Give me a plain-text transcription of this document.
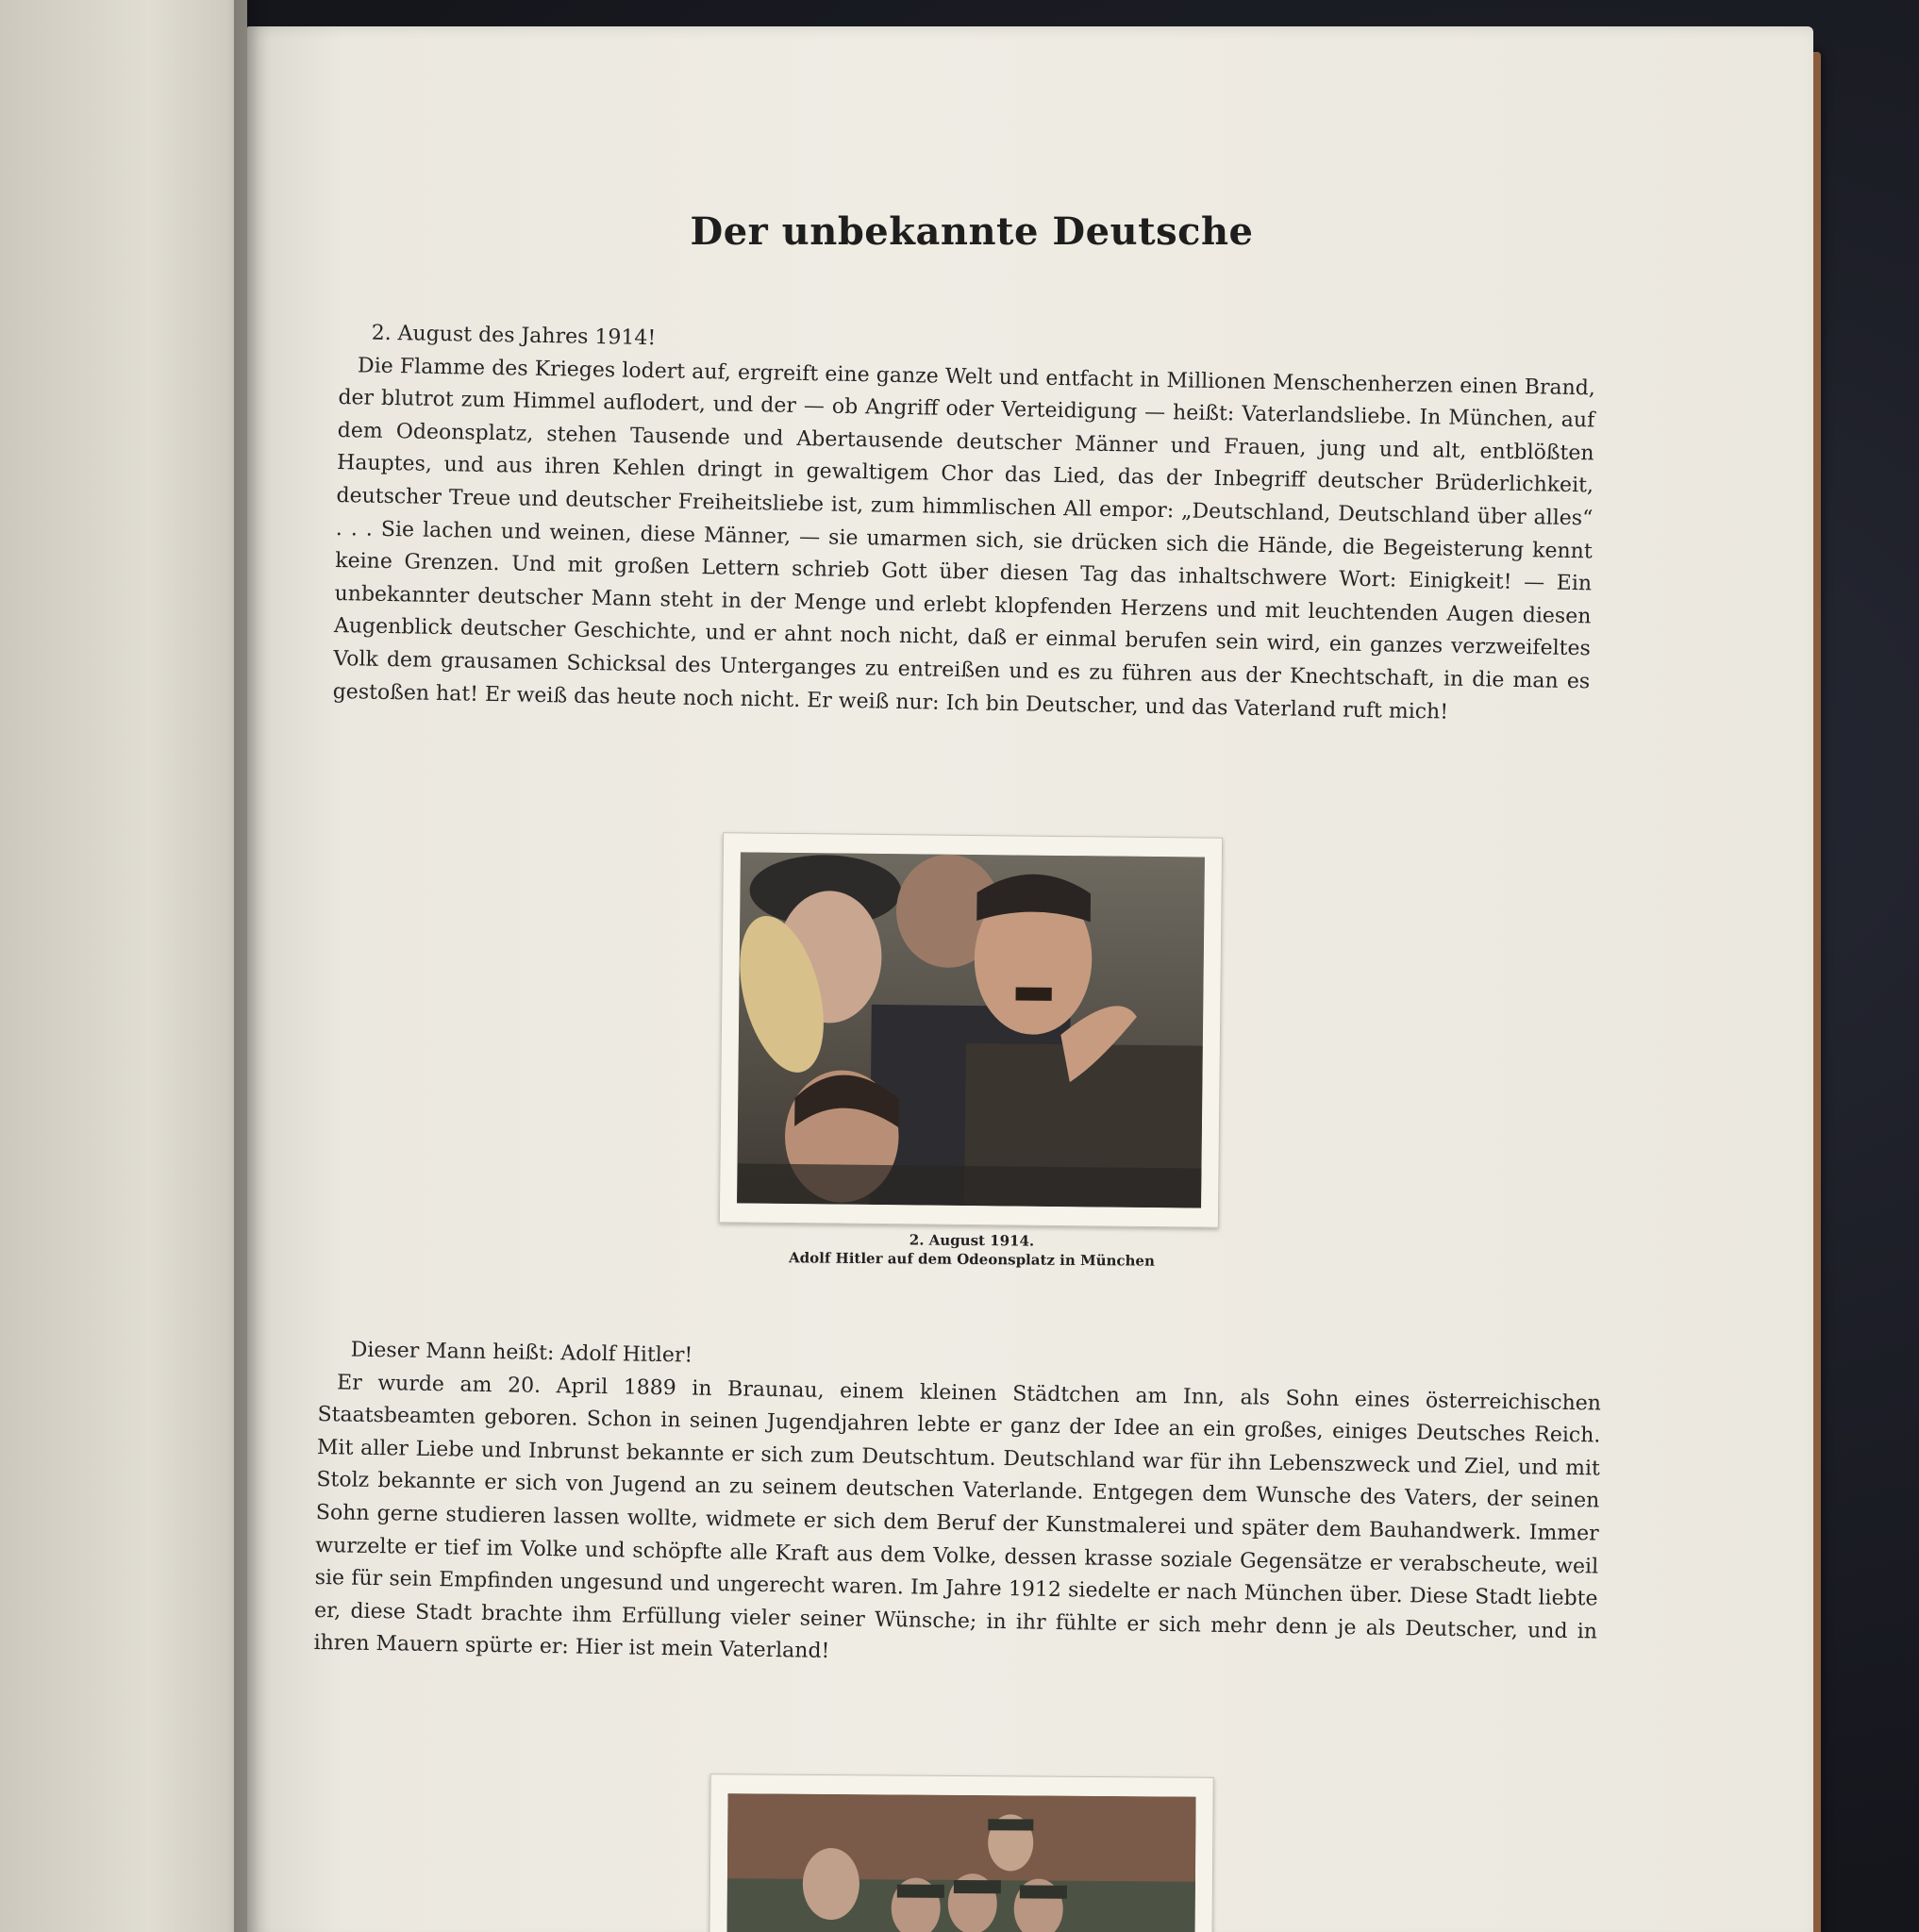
Der unbekannte Deutsche

2. August des Jahres 1914!

Die Flamme des Krieges lodert auf, ergreift eine ganze Welt und entfacht in Millionen Menschenherzen einen Brand, der blutrot zum Himmel auflodert, und der — ob Angriff oder Verteidigung — heißt: Vaterlandsliebe. In München, auf dem Odeonsplatz, stehen Tausende und Abertausende deutscher Männer und Frauen, jung und alt, entblößten Hauptes, und aus ihren Kehlen dringt in gewaltigem Chor das Lied, das der Inbegriff deutscher Brüderlichkeit, deutscher Treue und deutscher Freiheitsliebe ist, zum himmlischen All empor: „Deutschland, Deutschland über alles“ . . . Sie lachen und weinen, diese Männer, — sie umarmen sich, sie drücken sich die Hände, die Begeisterung kennt keine Grenzen. Und mit großen Lettern schrieb Gott über diesen Tag das inhaltschwere Wort: Einigkeit! — Ein unbekannter deutscher Mann steht in der Menge und erlebt klopfenden Herzens und mit leuchtenden Augen diesen Augenblick deutscher Geschichte, und er ahnt noch nicht, daß er einmal berufen sein wird, ein ganzes verzweifeltes Volk dem grausamen Schicksal des Unterganges zu entreißen und es zu führen aus der Knechtschaft, in die man es gestoßen hat! Er weiß das heute noch nicht. Er weiß nur: Ich bin Deutscher, und das Vaterland ruft mich!

2. August 1914.
Adolf Hitler auf dem Odeonsplatz in München

Dieser Mann heißt: Adolf Hitler!

Er wurde am 20. April 1889 in Braunau, einem kleinen Städtchen am Inn, als Sohn eines österreichischen Staatsbeamten geboren. Schon in seinen Jugendjahren lebte er ganz der Idee an ein großes, einiges Deutsches Reich. Mit aller Liebe und Inbrunst bekannte er sich zum Deutschtum. Deutschland war für ihn Lebenszweck und Ziel, und mit Stolz bekannte er sich von Jugend an zu seinem deutschen Vaterlande. Entgegen dem Wunsche des Vaters, der seinen Sohn gerne studieren lassen wollte, widmete er sich dem Beruf der Kunstmalerei und später dem Bauhandwerk. Immer wurzelte er tief im Volke und schöpfte alle Kraft aus dem Volke, dessen krasse soziale Gegensätze er verabscheute, weil sie für sein Empfinden ungesund und ungerecht waren. Im Jahre 1912 siedelte er nach München über. Diese Stadt liebte er, diese Stadt brachte ihm Erfüllung vieler seiner Wünsche; in ihr fühlte er sich mehr denn je als Deutscher, und in ihren Mauern spürte er: Hier ist mein Vaterland!
